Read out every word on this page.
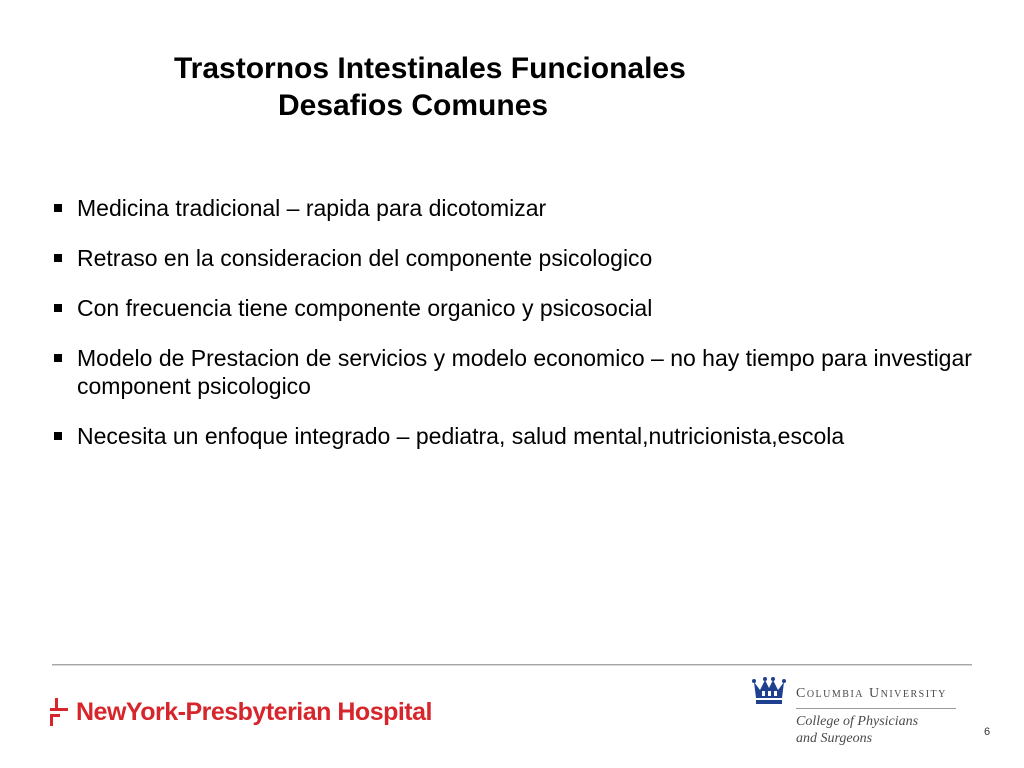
Trastornos Intestinales Funcionales
Desafios Comunes
Medicina tradicional – rapida para dicotomizar
Retraso en la consideracion del componente psicologico
Con frecuencia tiene componente organico y psicosocial
Modelo de Prestacion de servicios y modelo economico – no hay tiempo para investigar component psicologico
Necesita un enfoque integrado – pediatra, salud mental,nutricionista,escola
NewYork-Presbyterian Hospital
Columbia University
College of Physicians
and Surgeons	6
